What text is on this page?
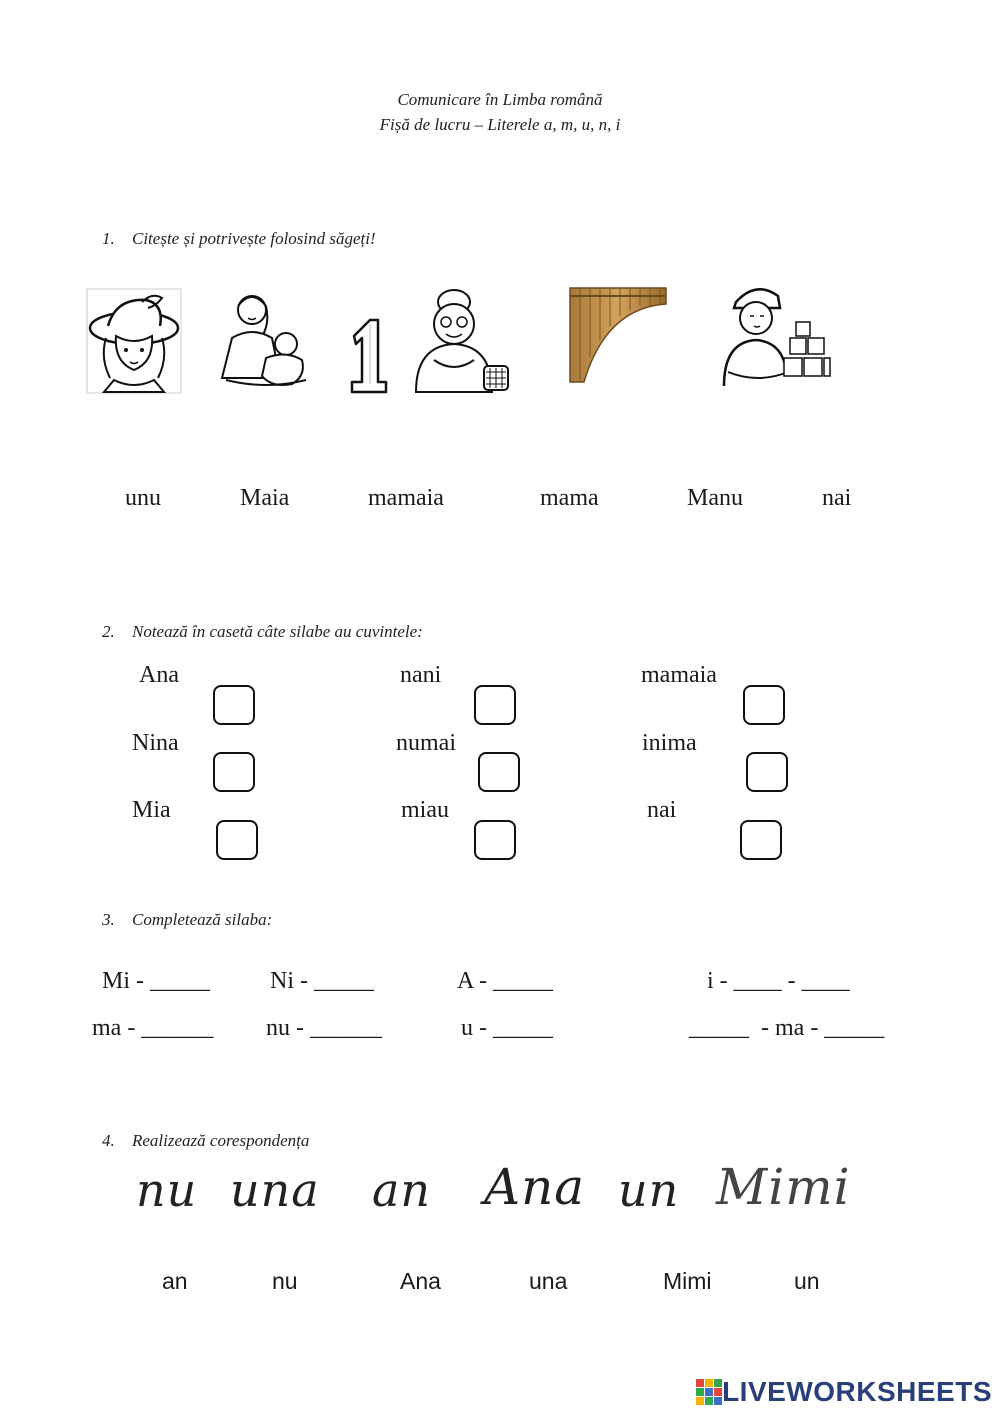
Comunicare în Limba română
Fișă de lucru – Literele a, m, u, n, i
1. Citește și potrivește folosind săgeți!
unu	Maia	mamaia	mama	Manu	nai
2. Notează în casetă câte silabe au cuvintele:
Ana	nani	mamaia
Nina	numai	inima
Mia	miau	nai
3. Completează silaba:
Mi - _____	Ni - _____	A - _____	i - ____ - ____
ma - ______ nu - ______	u - _____	_____  - ma - _____
4. Realizează corespondența
nu una an Ana un Mimi
an	nu	Ana	una	Mimi	un
LIVEWORKSHEETS
